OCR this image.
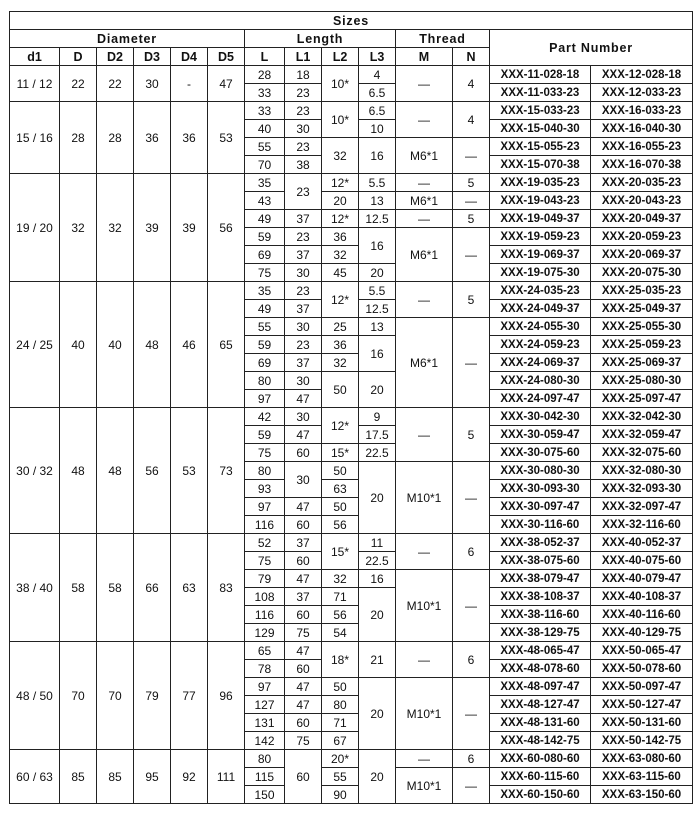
Sizes													
Diameter						Length				Thread		Part Number	
d1	D	D2	D3	D4	D5	L	L1	L2	L3	M	N		
11 / 12	22	22	30	-	47	28	18	10*	4	—	4	XXX-11-028-18	XXX-12-028-18
						33	23		6.5			XXX-11-033-23	XXX-12-033-23
15 / 16	28	28	36	36	53	33	23	10*	6.5	—	4	XXX-15-033-23	XXX-16-033-23
						40	30		10			XXX-15-040-30	XXX-16-040-30
						55	23	32	16	M6*1	—	XXX-15-055-23	XXX-16-055-23
						70	38					XXX-15-070-38	XXX-16-070-38
19 / 20	32	32	39	39	56	35	23	12*	5.5	—	5	XXX-19-035-23	XXX-20-035-23
						43		20	13	M6*1	—	XXX-19-043-23	XXX-20-043-23
						49	37	12*	12.5	—	5	XXX-19-049-37	XXX-20-049-37
						59	23	36	16	M6*1	—	XXX-19-059-23	XXX-20-059-23
						69	37	32				XXX-19-069-37	XXX-20-069-37
						75	30	45	20			XXX-19-075-30	XXX-20-075-30
24 / 25	40	40	48	46	65	35	23	12*	5.5	—	5	XXX-24-035-23	XXX-25-035-23
						49	37		12.5			XXX-24-049-37	XXX-25-049-37
						55	30	25	13	M6*1	—	XXX-24-055-30	XXX-25-055-30
						59	23	36	16			XXX-24-059-23	XXX-25-059-23
						69	37	32				XXX-24-069-37	XXX-25-069-37
						80	30	50	20			XXX-24-080-30	XXX-25-080-30
						97	47					XXX-24-097-47	XXX-25-097-47
30 / 32	48	48	56	53	73	42	30	12*	9	—	5	XXX-30-042-30	XXX-32-042-30
						59	47		17.5			XXX-30-059-47	XXX-32-059-47
						75	60	15*	22.5			XXX-30-075-60	XXX-32-075-60
						80	30	50	20	M10*1	—	XXX-30-080-30	XXX-32-080-30
						93		63				XXX-30-093-30	XXX-32-093-30
						97	47	50				XXX-30-097-47	XXX-32-097-47
						116	60	56				XXX-30-116-60	XXX-32-116-60
38 / 40	58	58	66	63	83	52	37	15*	11	—	6	XXX-38-052-37	XXX-40-052-37
						75	60		22.5			XXX-38-075-60	XXX-40-075-60
						79	47	32	16	M10*1	—	XXX-38-079-47	XXX-40-079-47
						108	37	71	20			XXX-38-108-37	XXX-40-108-37
						116	60	56				XXX-38-116-60	XXX-40-116-60
						129	75	54				XXX-38-129-75	XXX-40-129-75
48 / 50	70	70	79	77	96	65	47	18*	21	—	6	XXX-48-065-47	XXX-50-065-47
						78	60					XXX-48-078-60	XXX-50-078-60
						97	47	50	20	M10*1	—	XXX-48-097-47	XXX-50-097-47
						127	47	80				XXX-48-127-47	XXX-50-127-47
						131	60	71				XXX-48-131-60	XXX-50-131-60
						142	75	67				XXX-48-142-75	XXX-50-142-75
60 / 63	85	85	95	92	111	80	60	20*	20	—	6	XXX-60-080-60	XXX-63-080-60
						115		55		M10*1	—	XXX-60-115-60	XXX-63-115-60
						150		90				XXX-60-150-60	XXX-63-150-60
